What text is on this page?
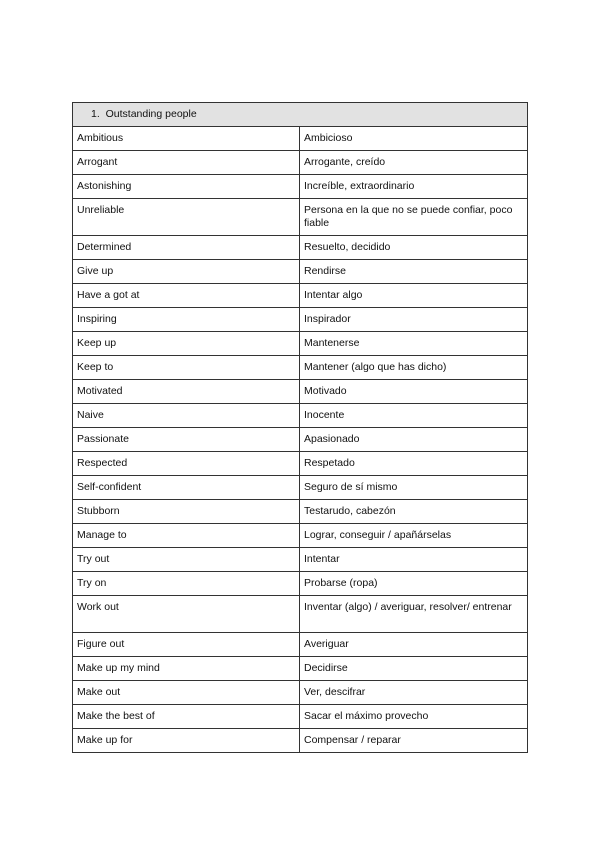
1. Outstanding people	
Ambitious	Ambicioso
Arrogant	Arrogante, creído
Astonishing	Increíble, extraordinario
Unreliable	Persona en la que no se puede confiar, poco fiable
Determined	Resuelto, decidido
Give up	Rendirse
Have a got at	Intentar algo
Inspiring	Inspirador
Keep up	Mantenerse
Keep to	Mantener (algo que has dicho)
Motivated	Motivado
Naive	Inocente
Passionate	Apasionado
Respected	Respetado
Self-confident	Seguro de sí mismo
Stubborn	Testarudo, cabezón
Manage to	Lograr, conseguir / apañárselas
Try out	Intentar
Try on	Probarse (ropa)
Work out	Inventar (algo) / averiguar, resolver/ entrenar
Figure out	Averiguar
Make up my mind	Decidirse
Make out	Ver, descifrar
Make the best of	Sacar el máximo provecho
Make up for	Compensar / reparar
